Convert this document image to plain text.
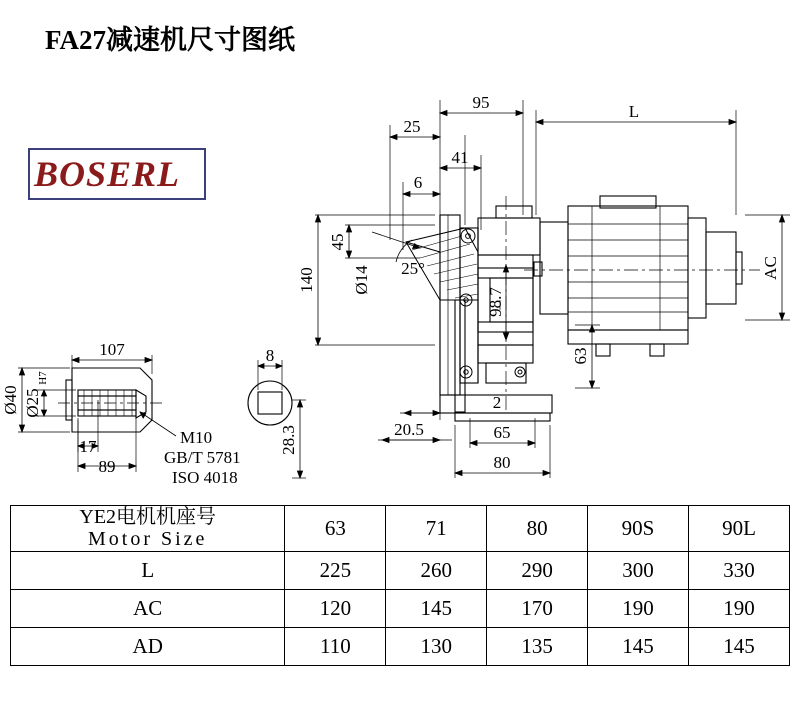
FA27减速机尺寸图纸
BOSERL
95	L
25
41
6
2
20.5	65
80
107	8
17
89
25°
45
140 Ø14
98.7
AC
63
Ø40 Ø25
H7
28.3
M10
GB/T 5781
ISO 4018
YE2电机机座号
Motor Size	63	71	80	90S	90L
L	225	260	290	300	330
AC	120	145	170	190	190
AD	110	130	135	145	145
